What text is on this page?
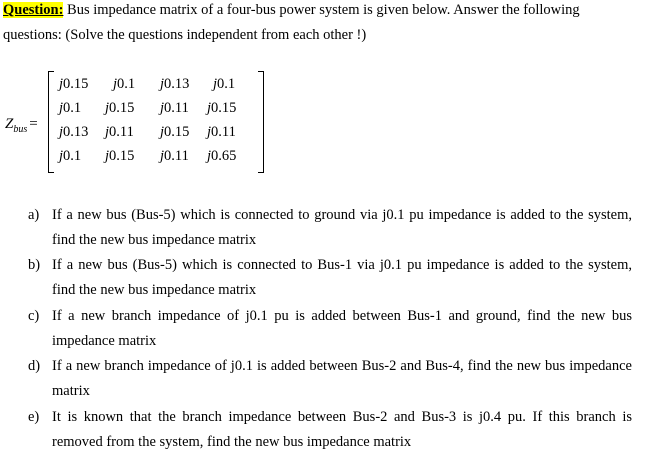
Question: Bus impedance matrix of a four-bus power system is given below. Answer the following
questions: (Solve the questions independent from each other !)
$Z_{bus}$ =
j0.15 j0.1 j0.13 j0.1
j0.1 j0.15 j0.11 j0.15
j0.13 j0.11 j0.15 j0.11
j0.1 j0.15 j0.11 j0.65
a) If a new bus (Bus-5) which is connected to ground via j0.1 pu impedance is added to the system, find the new bus impedance matrix
b) If a new bus (Bus-5) which is connected to Bus-1 via j0.1 pu impedance is added to the system, find the new bus impedance matrix
c) If a new branch impedance of j0.1 pu is added between Bus-1 and ground, find the new bus impedance matrix
d) If a new branch impedance of j0.1 is added between Bus-2 and Bus-4, find the new bus impedance matrix
e) It is known that the branch impedance between Bus-2 and Bus-3 is j0.4 pu. If this branch is removed from the system, find the new bus impedance matrix
